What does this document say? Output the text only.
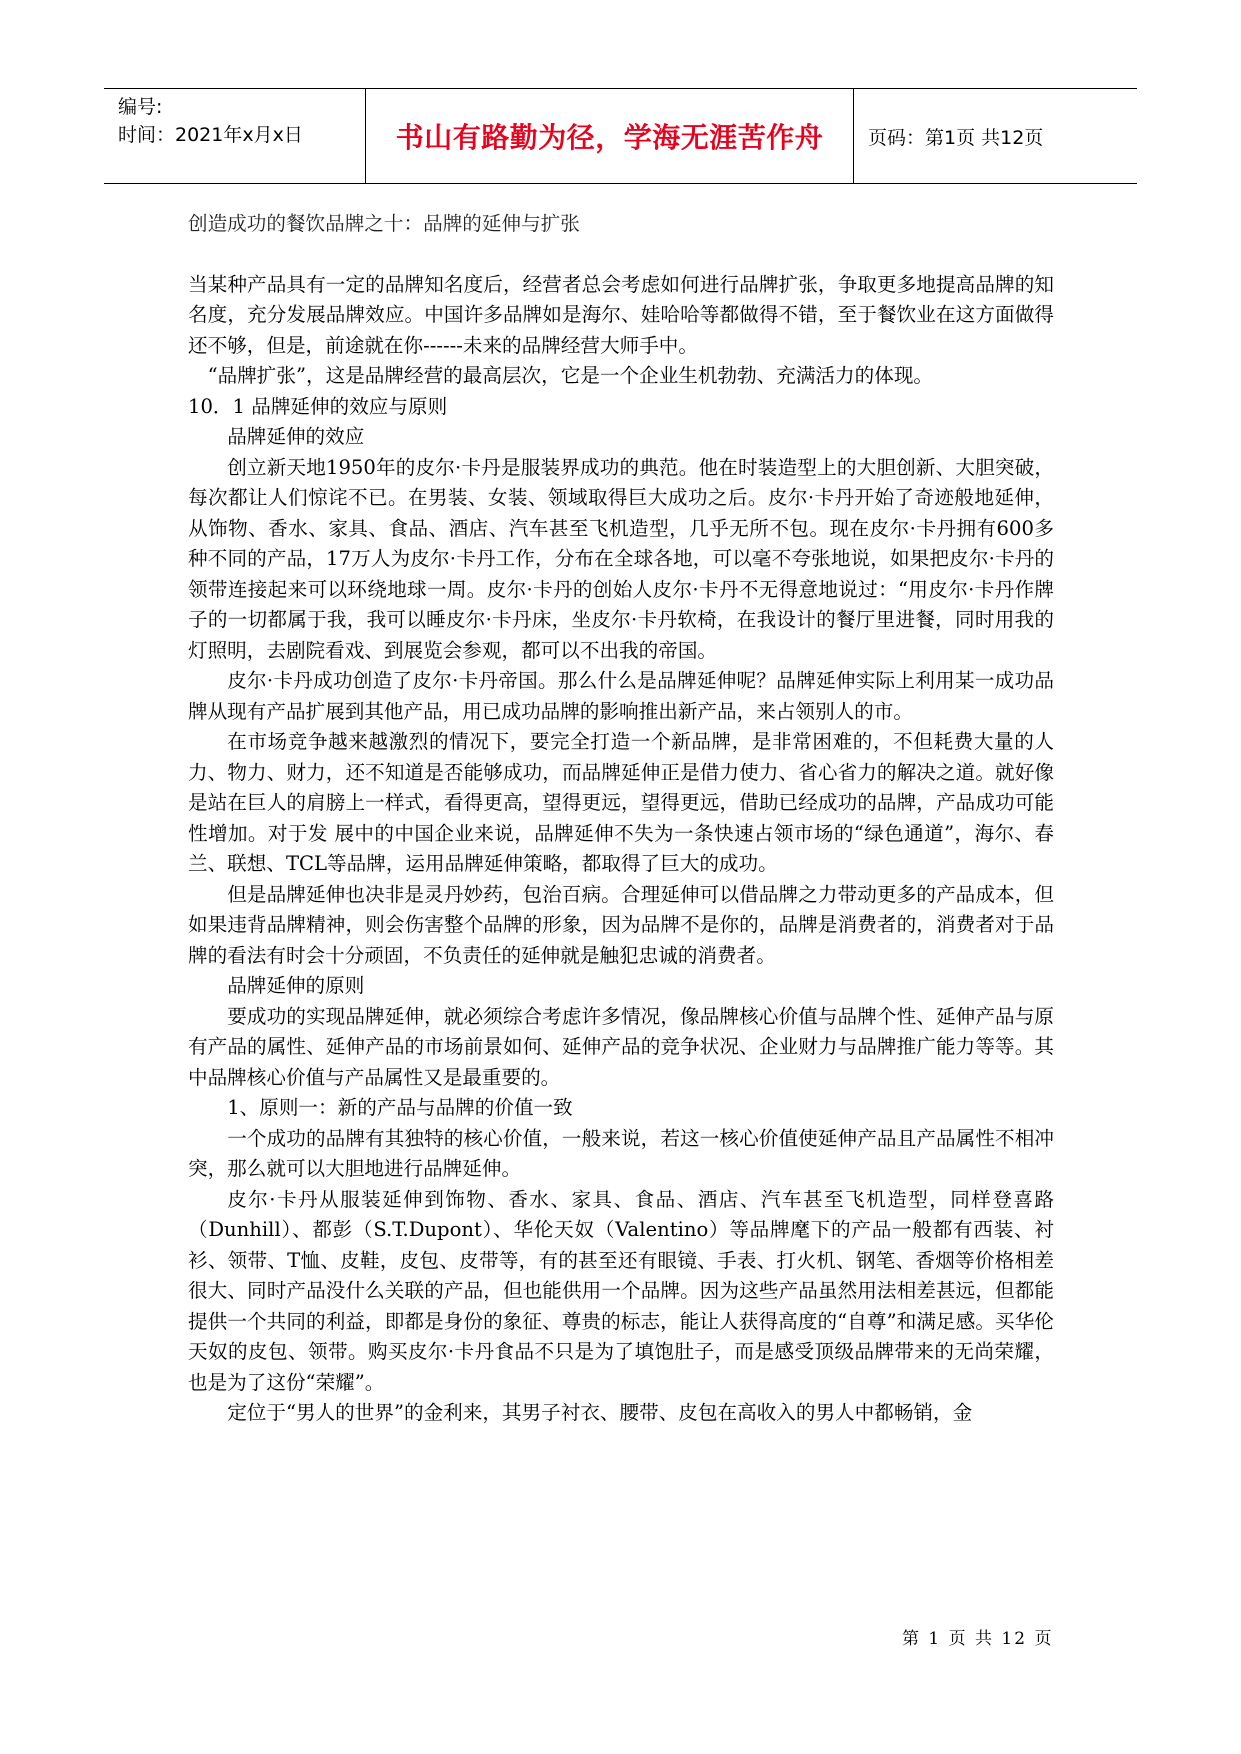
编号:
时间：2021年x月x日	书山有路勤为径，学海无涯苦作舟 页码：第1页 共12页

创造成功的餐饮品牌之十：品牌的延伸与扩张

当某种产品具有一定的品牌知名度后，经营者总会考虑如何进行品牌扩张，争取更多地提高品牌的知名度，充分发展品牌效应。中国许多品牌如是海尔、娃哈哈等都做得不错，至于餐饮业在这方面做得还不够，但是，前途就在你------未来的品牌经营大师手中。

“品牌扩张”，这是品牌经营的最高层次，它是一个企业生机勃勃、充满活力的体现。

10．1 品牌延伸的效应与原则

品牌延伸的效应

创立新天地1950年的皮尔·卡丹是服装界成功的典范。他在时装造型上的大胆创新、大胆突破，每次都让人们惊诧不已。在男装、女装、领域取得巨大成功之后。皮尔·卡丹开始了奇迹般地延伸，从饰物、香水、家具、食品、酒店、汽车甚至飞机造型，几乎无所不包。现在皮尔·卡丹拥有600多种不同的产品，17万人为皮尔·卡丹工作，分布在全球各地，可以毫不夸张地说，如果把皮尔·卡丹的领带连接起来可以环绕地球一周。皮尔·卡丹的创始人皮尔·卡丹不无得意地说过：“用皮尔·卡丹作牌子的一切都属于我，我可以睡皮尔·卡丹床，坐皮尔·卡丹软椅，在我设计的餐厅里进餐，同时用我的灯照明，去剧院看戏、到展览会参观，都可以不出我的帝国。

皮尔·卡丹成功创造了皮尔·卡丹帝国。那么什么是品牌延伸呢？品牌延伸实际上利用某一成功品牌从现有产品扩展到其他产品，用已成功品牌的影响推出新产品，来占领别人的市。

在市场竞争越来越激烈的情况下，要完全打造一个新品牌，是非常困难的，不但耗费大量的人力、物力、财力，还不知道是否能够成功，而品牌延伸正是借力使力、省心省力的解决之道。就好像是站在巨人的肩膀上一样式，看得更高，望得更远，望得更远，借助已经成功的品牌，产品成功可能性增加。对于发 展中的中国企业来说，品牌延伸不失为一条快速占领市场的“绿色通道”，海尔、春兰、联想、TCL等品牌，运用品牌延伸策略，都取得了巨大的成功。

但是品牌延伸也决非是灵丹妙药，包治百病。合理延伸可以借品牌之力带动更多的产品成本，但如果违背品牌精神，则会伤害整个品牌的形象，因为品牌不是你的，品牌是消费者的，消费者对于品牌的看法有时会十分顽固，不负责任的延伸就是触犯忠诚的消费者。

品牌延伸的原则

要成功的实现品牌延伸，就必须综合考虑许多情况，像品牌核心价值与品牌个性、延伸产品与原有产品的属性、延伸产品的市场前景如何、延伸产品的竞争状况、企业财力与品牌推广能力等等。其中品牌核心价值与产品属性又是最重要的。

1、原则一：新的产品与品牌的价值一致

一个成功的品牌有其独特的核心价值，一般来说，若这一核心价值使延伸产品且产品属性不相冲突，那么就可以大胆地进行品牌延伸。

皮尔·卡丹从服装延伸到饰物、香水、家具、食品、酒店、汽车甚至飞机造型，同样登喜路（Dunhill）、都彭（S.T.Dupont）、华伦天奴（Valentino）等品牌麾下的产品一般都有西装、衬衫、领带、T恤、皮鞋，皮包、皮带等，有的甚至还有眼镜、手表、打火机、钢笔、香烟等价格相差很大、同时产品没什么关联的产品，但也能供用一个品牌。因为这些产品虽然用法相差甚远，但都能提供一个共同的利益，即都是身份的象征、尊贵的标志，能让人获得高度的“自尊”和满足感。买华伦天奴的皮包、领带。购买皮尔·卡丹食品不只是为了填饱肚子，而是感受顶级品牌带来的无尚荣耀，也是为了这份“荣耀”。

定位于“男人的世界”的金利来，其男子衬衣、腰带、皮包在高收入的男人中都畅销，金

第 1 页 共 12 页
